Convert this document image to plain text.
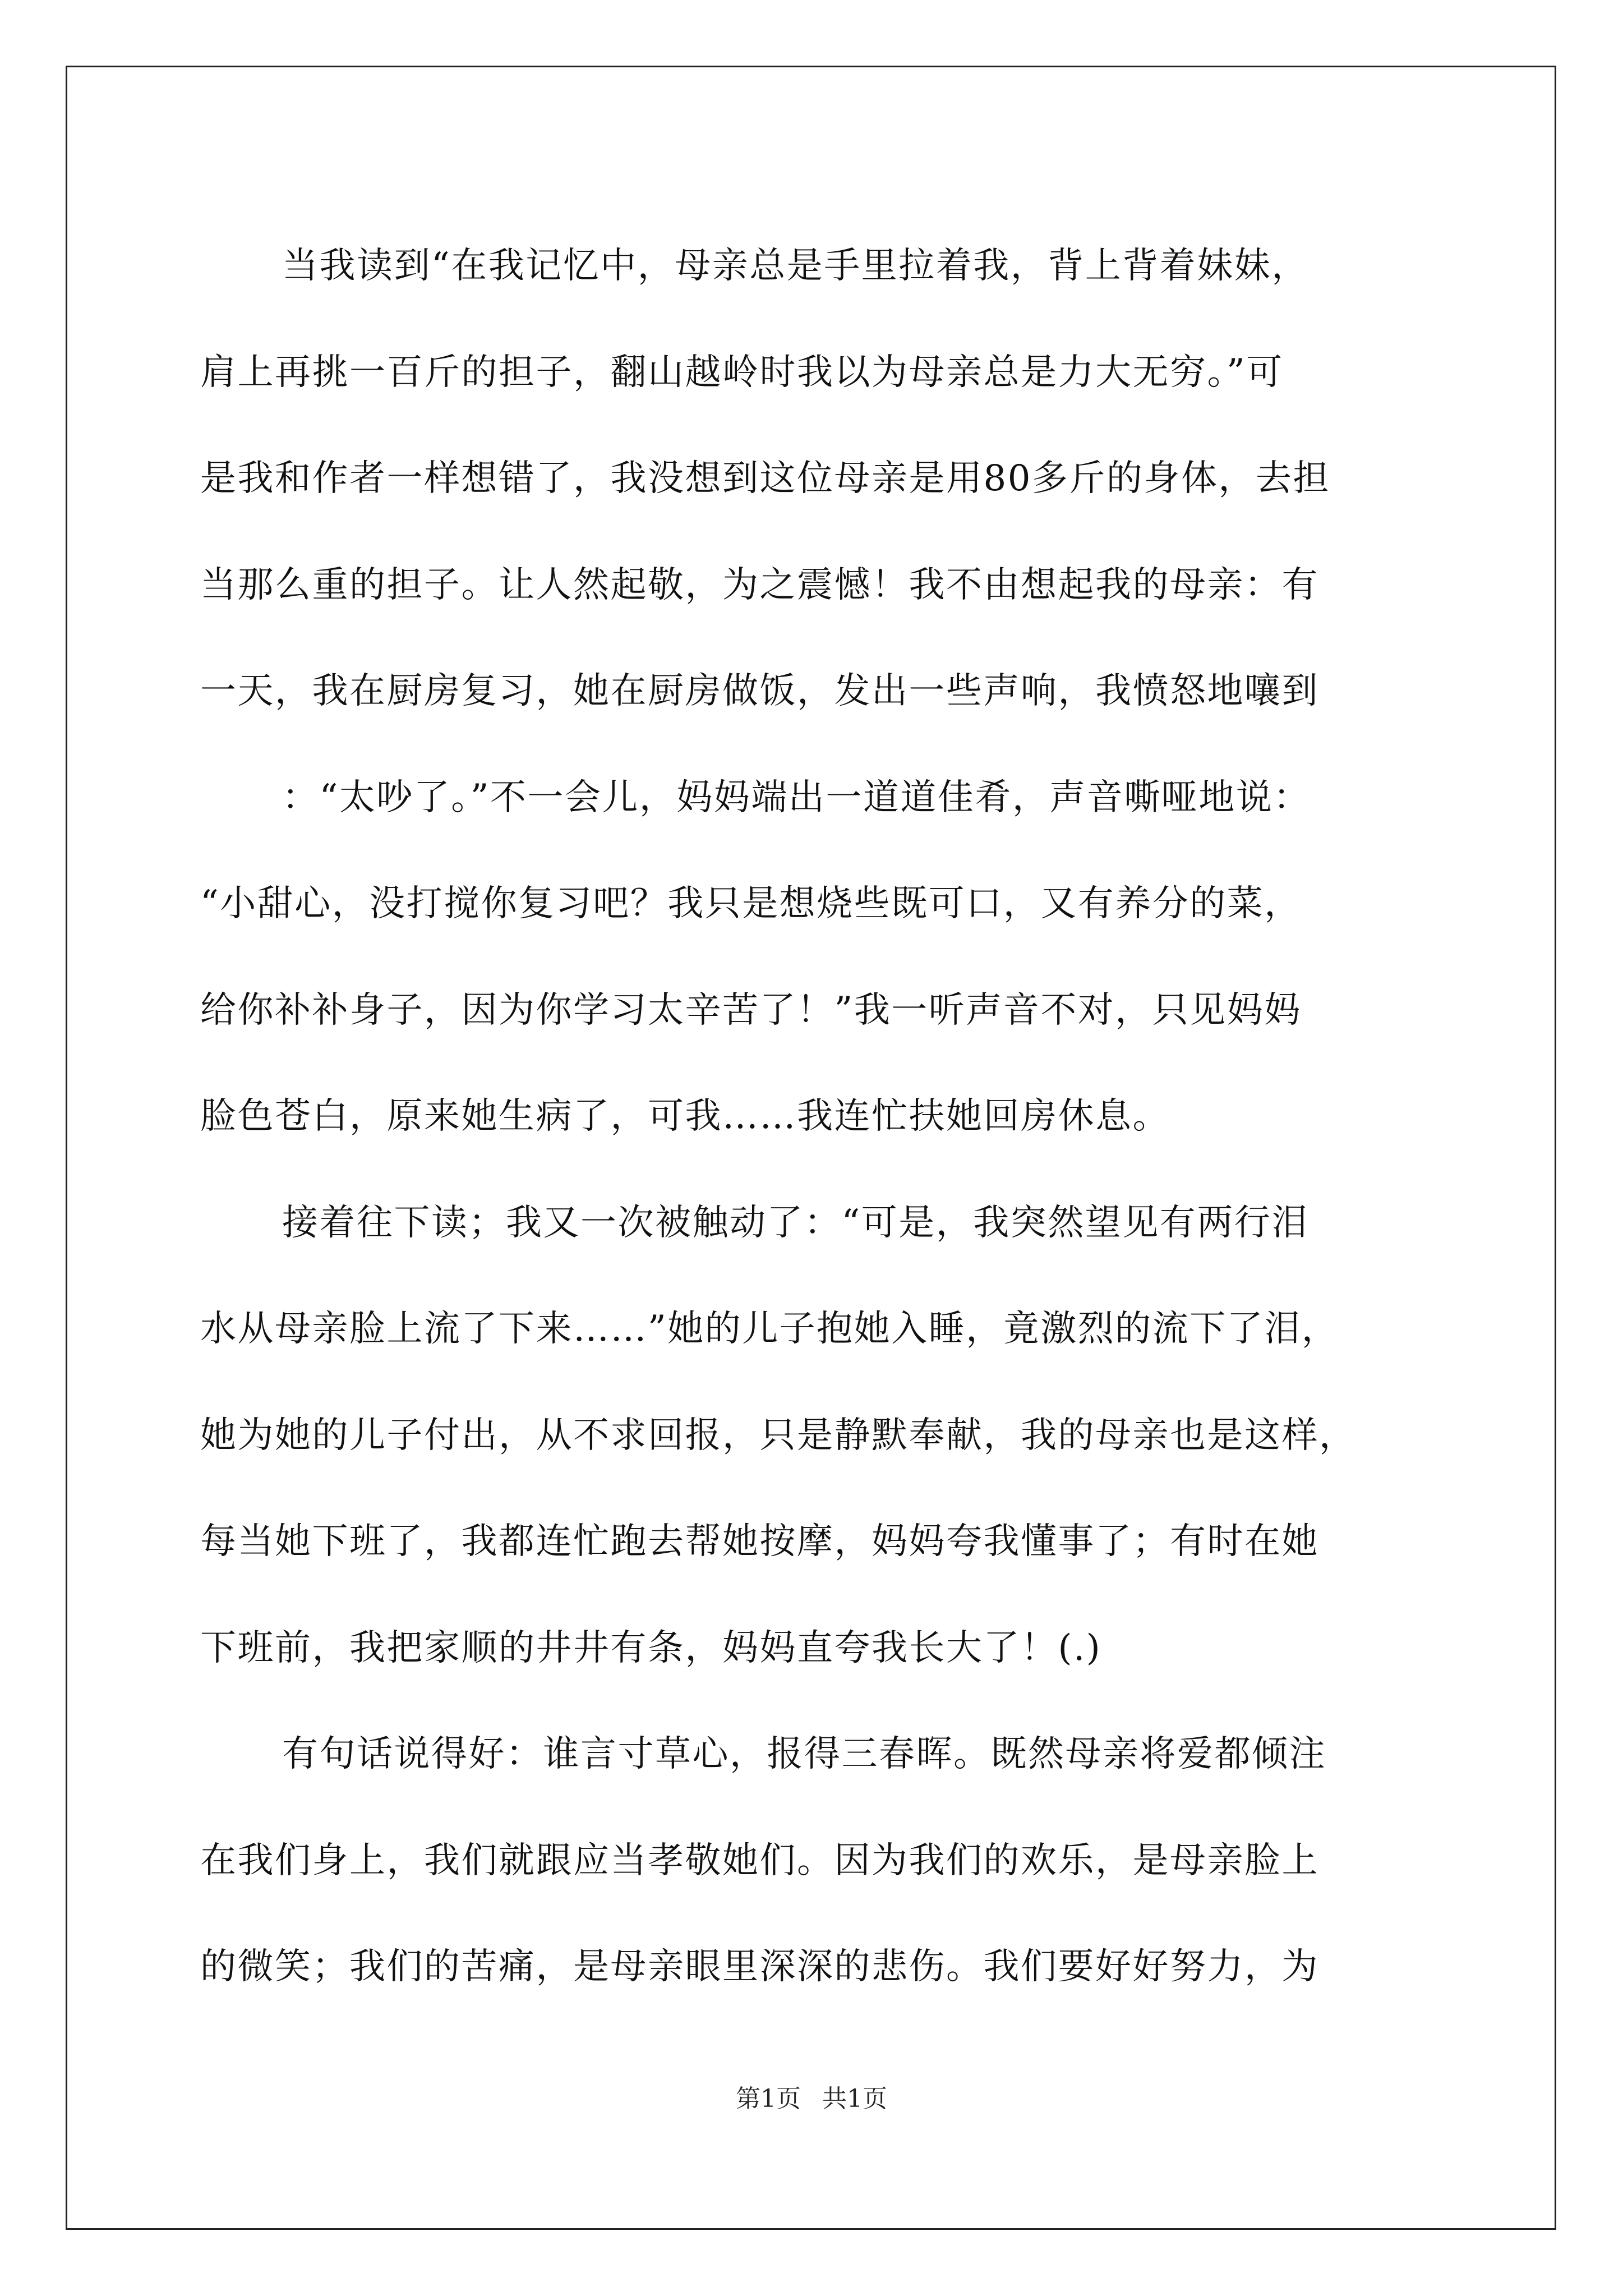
当我读到“在我记忆中，母亲总是手里拉着我，背上背着妹妹，
肩上再挑一百斤的担子，翻山越岭时我以为母亲总是力大无穷。”可
是我和作者一样想错了，我没想到这位母亲是用80多斤的身体，去担
当那么重的担子。让人然起敬，为之震憾！我不由想起我的母亲：有
一天，我在厨房复习，她在厨房做饭，发出一些声响，我愤怒地嚷到
：“太吵了。”不一会儿，妈妈端出一道道佳肴，声音嘶哑地说：
“小甜心，没打搅你复习吧？我只是想烧些既可口，又有养分的菜，
给你补补身子，因为你学习太辛苦了！”我一听声音不对，只见妈妈
脸色苍白，原来她生病了，可我……我连忙扶她回房休息。
接着往下读；我又一次被触动了：“可是，我突然望见有两行泪
水从母亲脸上流了下来……”她的儿子抱她入睡，竟激烈的流下了泪，
她为她的儿子付出，从不求回报，只是静默奉献，我的母亲也是这样，
每当她下班了，我都连忙跑去帮她按摩，妈妈夸我懂事了；有时在她
下班前，我把家顺的井井有条，妈妈直夸我长大了！(.)
有句话说得好：谁言寸草心，报得三春晖。既然母亲将爱都倾注
在我们身上，我们就跟应当孝敬她们。因为我们的欢乐，是母亲脸上
的微笑；我们的苦痛，是母亲眼里深深的悲伤。我们要好好努力，为
第1页 共1页
